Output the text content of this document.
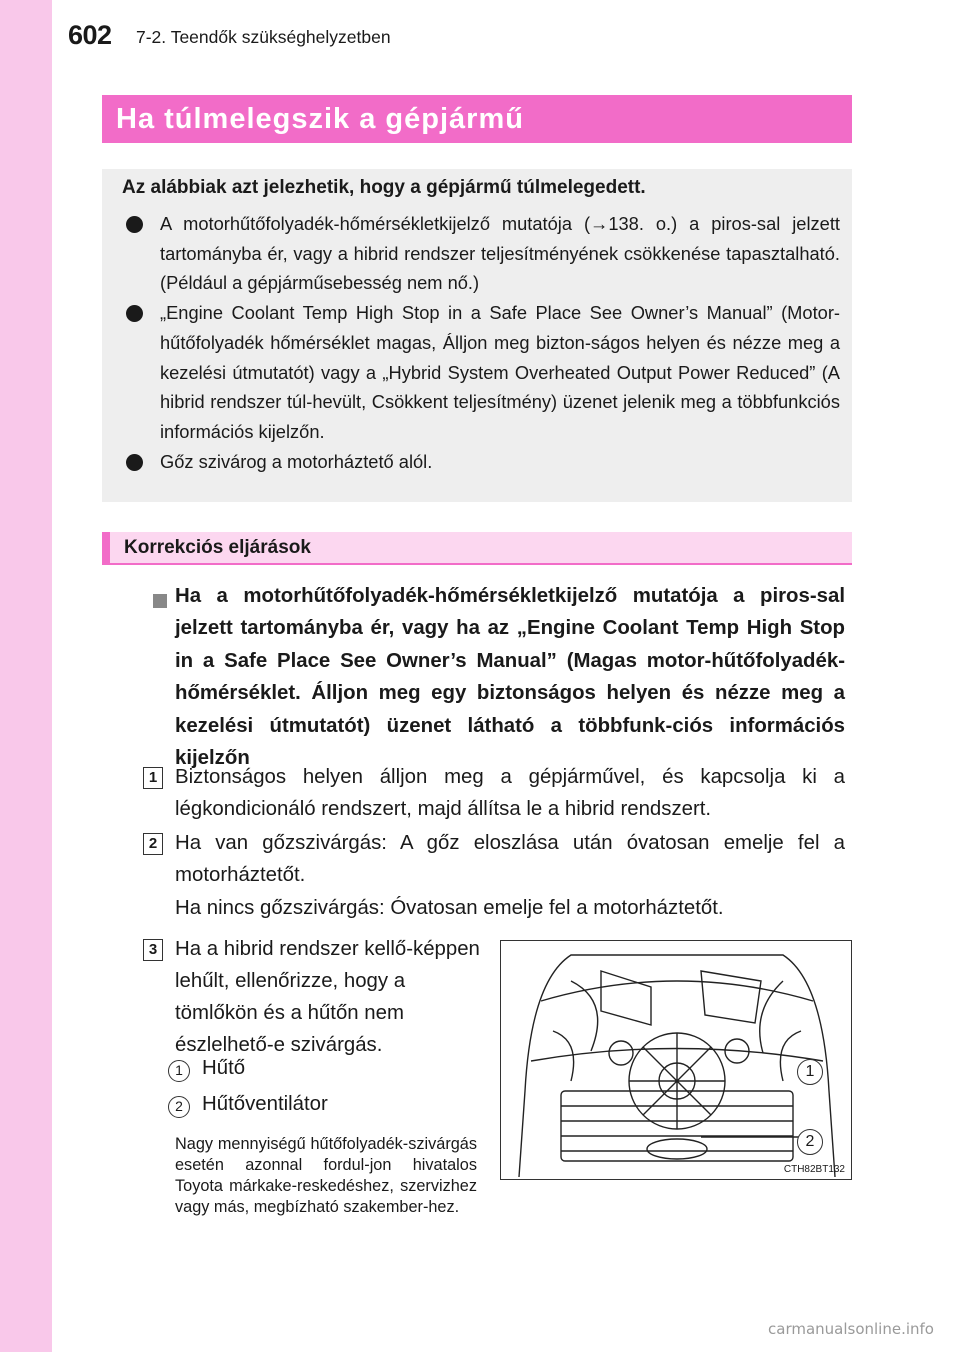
602 7-2. Teendők szükséghelyzetben
Ha túlmelegszik a gépjármű
Az alábbiak azt jelezhetik, hogy a gépjármű túlmelegedett.
A motorhűtőfolyadék-hőmérsékletkijelző mutatója (→138. o.) a piros-sal jelzett tartományba ér, vagy a hibrid rendszer teljesítményének csökkenése tapasztalható. (Például a gépjárműsebesség nem nő.)
„Engine Coolant Temp High Stop in a Safe Place See Owner’s Manual” (Motor-hűtőfolyadék hőmérséklet magas, Álljon meg bizton-ságos helyen és nézze meg a kezelési útmutatót) vagy a „Hybrid System Overheated Output Power Reduced” (A hibrid rendszer túl-hevült, Csökkent teljesítmény) üzenet jelenik meg a többfunkciós információs kijelzőn.
Gőz szivárog a motorháztető alól.
Korrekciós eljárások
Ha a motorhűtőfolyadék-hőmérsékletkijelző mutatója a piros-sal jelzett tartományba ér, vagy ha az „Engine Coolant Temp High Stop in a Safe Place See Owner’s Manual” (Magas motor-hűtőfolyadék-hőmérséklet. Álljon meg egy biztonságos helyen és nézze meg a kezelési útmutatót) üzenet látható a többfunk-ciós információs kijelzőn
1 Biztonságos helyen álljon meg a gépjárművel, és kapcsolja ki a légkondicionáló rendszert, majd állítsa le a hibrid rendszert.
2 Ha van gőzszivárgás: A gőz eloszlása után óvatosan emelje fel a motorháztetőt.
Ha nincs gőzszivárgás: Óvatosan emelje fel a motorháztetőt.
3 Ha a hibrid rendszer kellő-képpen lehűlt, ellenőrizze, hogy a tömlőkön és a hűtőn nem észlelhető-e szivárgás.
1 Hűtő
2 Hűtőventilátor
Nagy mennyiségű hűtőfolyadék-szivárgás esetén azonnal fordul-jon hivatalos Toyota márkake-reskedéshez, szervizhez vagy más, megbízható szakember-hez.
1
2
CTH82BT132
carmanualsonline.info
